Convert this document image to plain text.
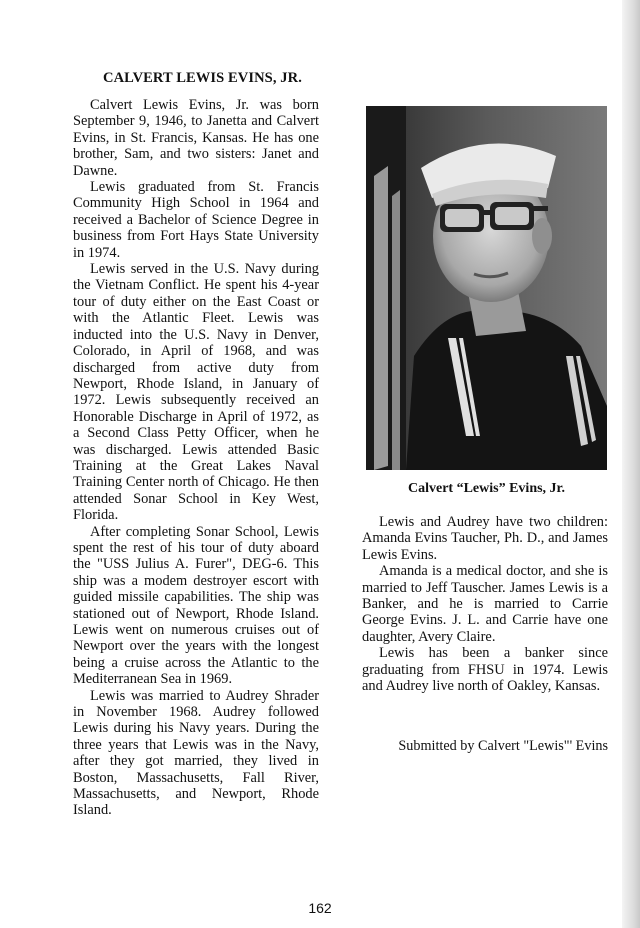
CALVERT LEWIS EVINS, JR.

Calvert Lewis Evins, Jr. was born September 9, 1946, to Janetta and Calvert Evins, in St. Francis, Kansas. He has one brother, Sam, and two sisters: Janet and Dawne.

Lewis graduated from St. Francis Community High School in 1964 and received a Bachelor of Science Degree in business from Fort Hays State University in 1974.

Lewis served in the U.S. Navy during the Vietnam Conflict. He spent his 4-year tour of duty either on the East Coast or with the Atlantic Fleet. Lewis was inducted into the U.S. Navy in Denver, Colorado, in April of 1968, and was discharged from active duty from Newport, Rhode Island, in January of 1972. Lewis subsequently received an Honorable Discharge in April of 1972, as a Second Class Petty Officer, when he was discharged. Lewis attended Basic Training at the Great Lakes Naval Training Center north of Chicago. He then attended Sonar School in Key West, Florida.

After completing Sonar School, Lewis spent the rest of his tour of duty aboard the "USS Julius A. Furer", DEG-6. This ship was a modem destroyer escort with guided missile capabilities. The ship was stationed out of Newport, Rhode Island. Lewis went on numerous cruises out of Newport over the years with the longest being a cruise across the Atlantic to the Mediterranean Sea in 1969.

Lewis was married to Audrey Shrader in November 1968. Audrey followed Lewis during his Navy years. During the three years that Lewis was in the Navy, after they got married, they lived in Boston, Massachusetts, Fall River, Massachusetts, and Newport, Rhode Island.

Calvert “Lewis” Evins, Jr.

Lewis and Audrey have two children: Amanda Evins Taucher, Ph. D., and James Lewis Evins.

Amanda is a medical doctor, and she is married to Jeff Tauscher. James Lewis is a Banker, and he is married to Carrie George Evins. J. L. and Carrie have one daughter, Avery Claire.

Lewis has been a banker since graduating from FHSU in 1974. Lewis and Audrey live north of Oakley, Kansas.

Submitted by Calvert "Lewis"' Evins
162
